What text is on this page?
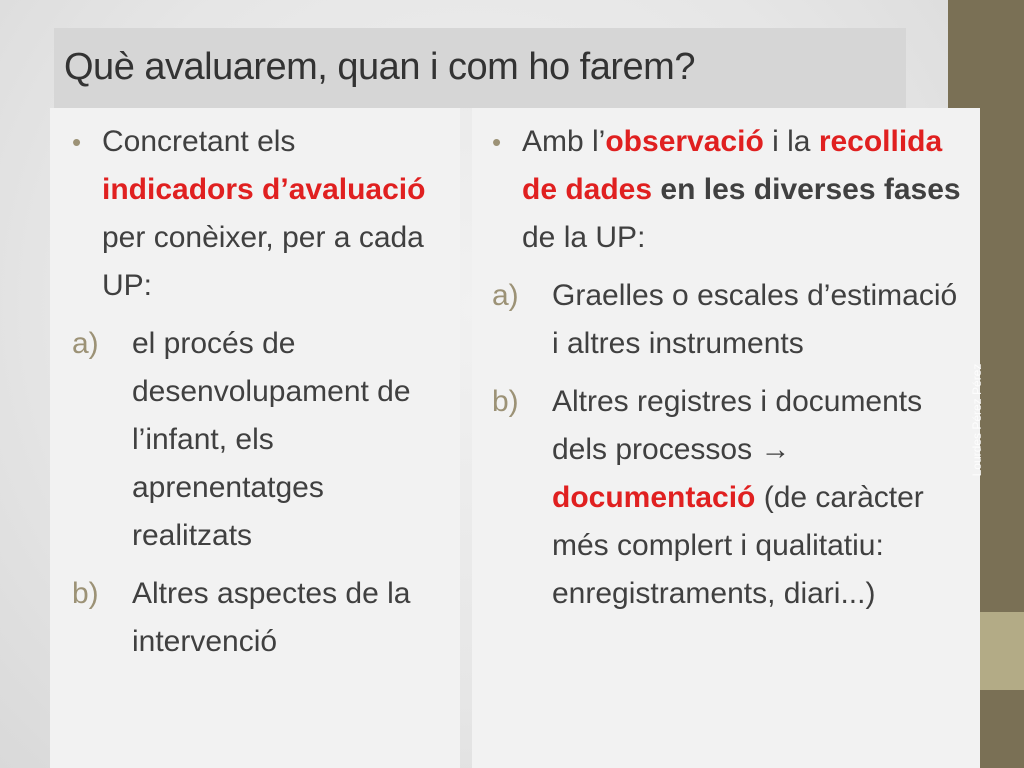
Què avaluarem, quan i com ho farem?
• Concretant els indicadors d’avaluació per conèixer, per a cada UP:
a) el procés de desenvolupament de l’infant, els aprenentatges realitzats
b) Altres aspectes de la intervenció
• Amb l’observació i la recollida de dades en les diverses fases de la UP:
a) Graelles o escales d’estimació i altres instruments
b) Altres registres i documents dels processos →
documentació (de caràcter més complert i qualitatiu: enregistraments, diari...)
Lourdes Pérez Pérez
